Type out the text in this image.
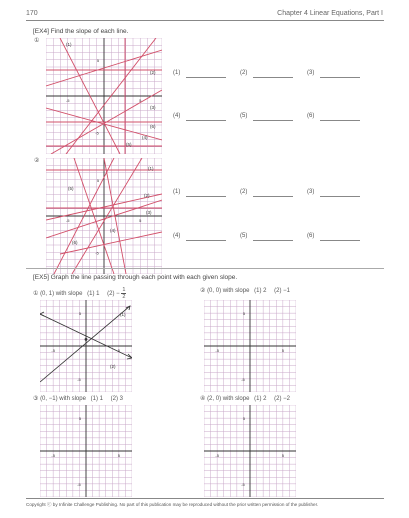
170	Chapter 4 Linear Equations, Part I
[EX4] Find the slope of each line.
①
5
-5
5
-5
(1)
(2)
(3)
(4)
(5)
(6)
(1)	(2)	(3)
(4)	(5)	(6)
②
5
-5
5
-5
(1)
(2)
(3)
(4)
(5)
(6)
(1)	(2)	(3)
(4)	(5)	(6)
[EX5] Graph the line passing through each point with each given slope.
① (0, 1) with slope (1) 1 $(2) - \frac{1}{2}$
5
-5
5
-5
(1)
(2)
② (0, 0) with slope (1) 2 (2) −1
5
-5
5
-5
③ (0, −1) with slope (1) 1 (2) 3
5
-5
5
-5
④ (2, 0) with slope (1) 2 (2) −2
5
-5
5
-5
Copyright ⓒ by Infinite Challenge Publishing. No part of this publication may be reproduced without the prior written permission of the publisher.
